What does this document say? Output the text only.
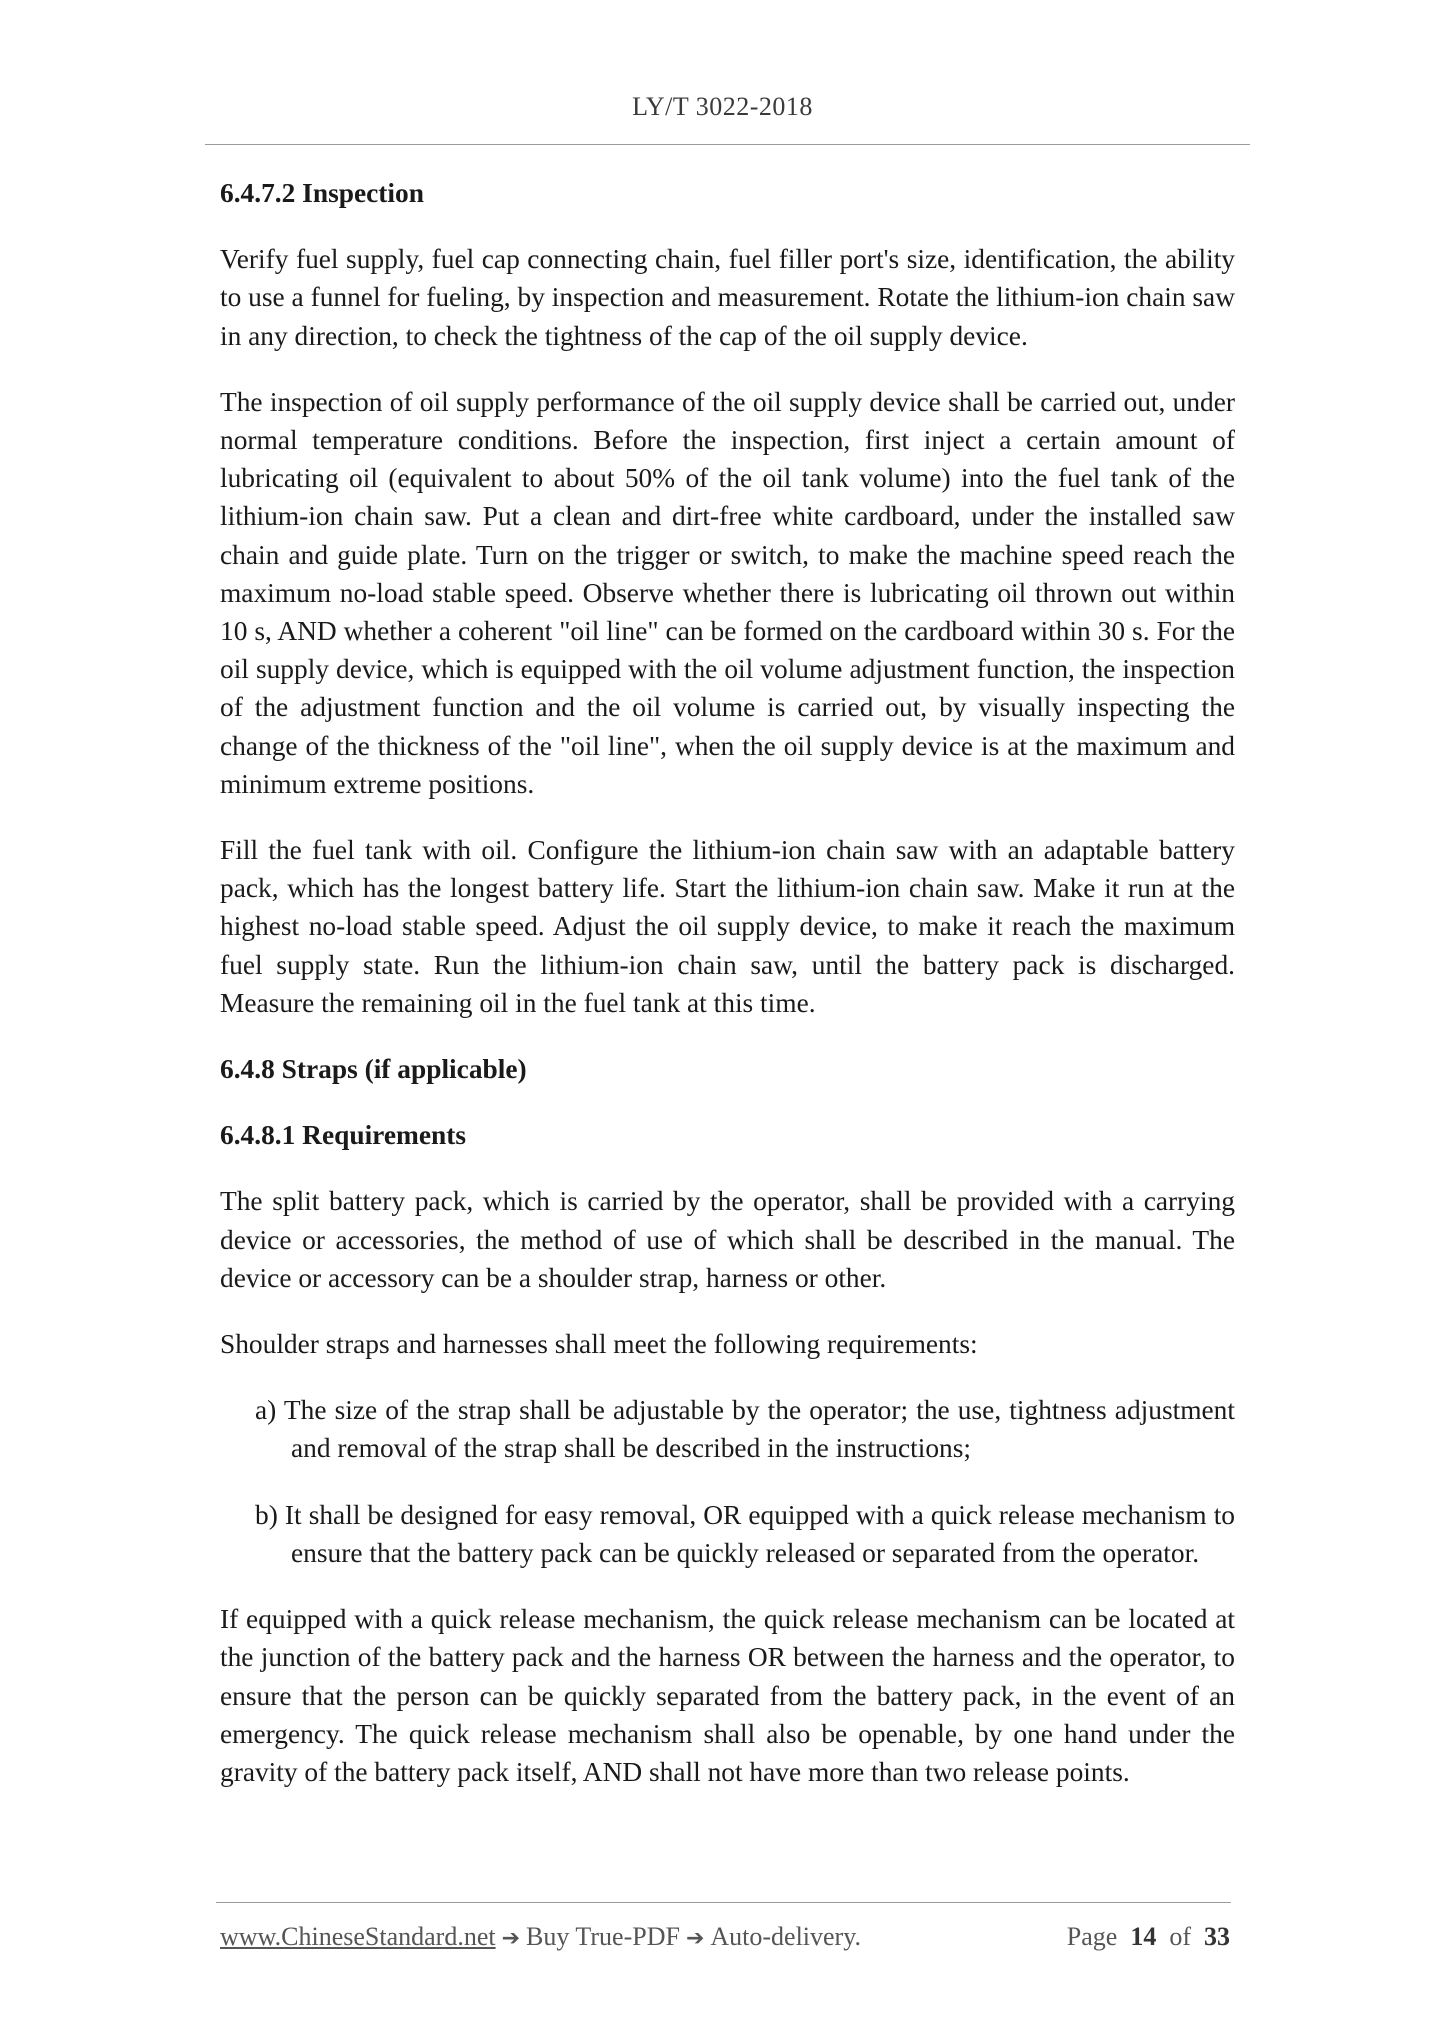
LY/T 3022-2018

6.4.7.2 Inspection

Verify fuel supply, fuel cap connecting chain, fuel filler port's size, identification, the ability to use a funnel for fueling, by inspection and measurement. Rotate the lithium-ion chain saw in any direction, to check the tightness of the cap of the oil supply device.

The inspection of oil supply performance of the oil supply device shall be carried out, under normal temperature conditions. Before the inspection, first inject a certain amount of lubricating oil (equivalent to about 50% of the oil tank volume) into the fuel tank of the lithium-ion chain saw. Put a clean and dirt-free white cardboard, under the installed saw chain and guide plate. Turn on the trigger or switch, to make the machine speed reach the maximum no-load stable speed. Observe whether there is lubricating oil thrown out within 10 s, AND whether a coherent "oil line" can be formed on the cardboard within 30 s. For the oil supply device, which is equipped with the oil volume adjustment function, the inspection of the adjustment function and the oil volume is carried out, by visually inspecting the change of the thickness of the "oil line", when the oil supply device is at the maximum and minimum extreme positions.

Fill the fuel tank with oil. Configure the lithium-ion chain saw with an adaptable battery pack, which has the longest battery life. Start the lithium-ion chain saw. Make it run at the highest no-load stable speed. Adjust the oil supply device, to make it reach the maximum fuel supply state. Run the lithium-ion chain saw, until the battery pack is discharged. Measure the remaining oil in the fuel tank at this time.

6.4.8 Straps (if applicable)

6.4.8.1 Requirements

The split battery pack, which is carried by the operator, shall be provided with a carrying device or accessories, the method of use of which shall be described in the manual. The device or accessory can be a shoulder strap, harness or other.

Shoulder straps and harnesses shall meet the following requirements:

a) The size of the strap shall be adjustable by the operator; the use, tightness adjustment and removal of the strap shall be described in the instructions;

b) It shall be designed for easy removal, OR equipped with a quick release mechanism to ensure that the battery pack can be quickly released or separated from the operator.

If equipped with a quick release mechanism, the quick release mechanism can be located at the junction of the battery pack and the harness OR between the harness and the operator, to ensure that the person can be quickly separated from the battery pack, in the event of an emergency. The quick release mechanism shall also be openable, by one hand under the gravity of the battery pack itself, AND shall not have more than two release points.

www.ChineseStandard.net ➔ Buy True-PDF ➔ Auto-delivery.	Page 14 of 33
